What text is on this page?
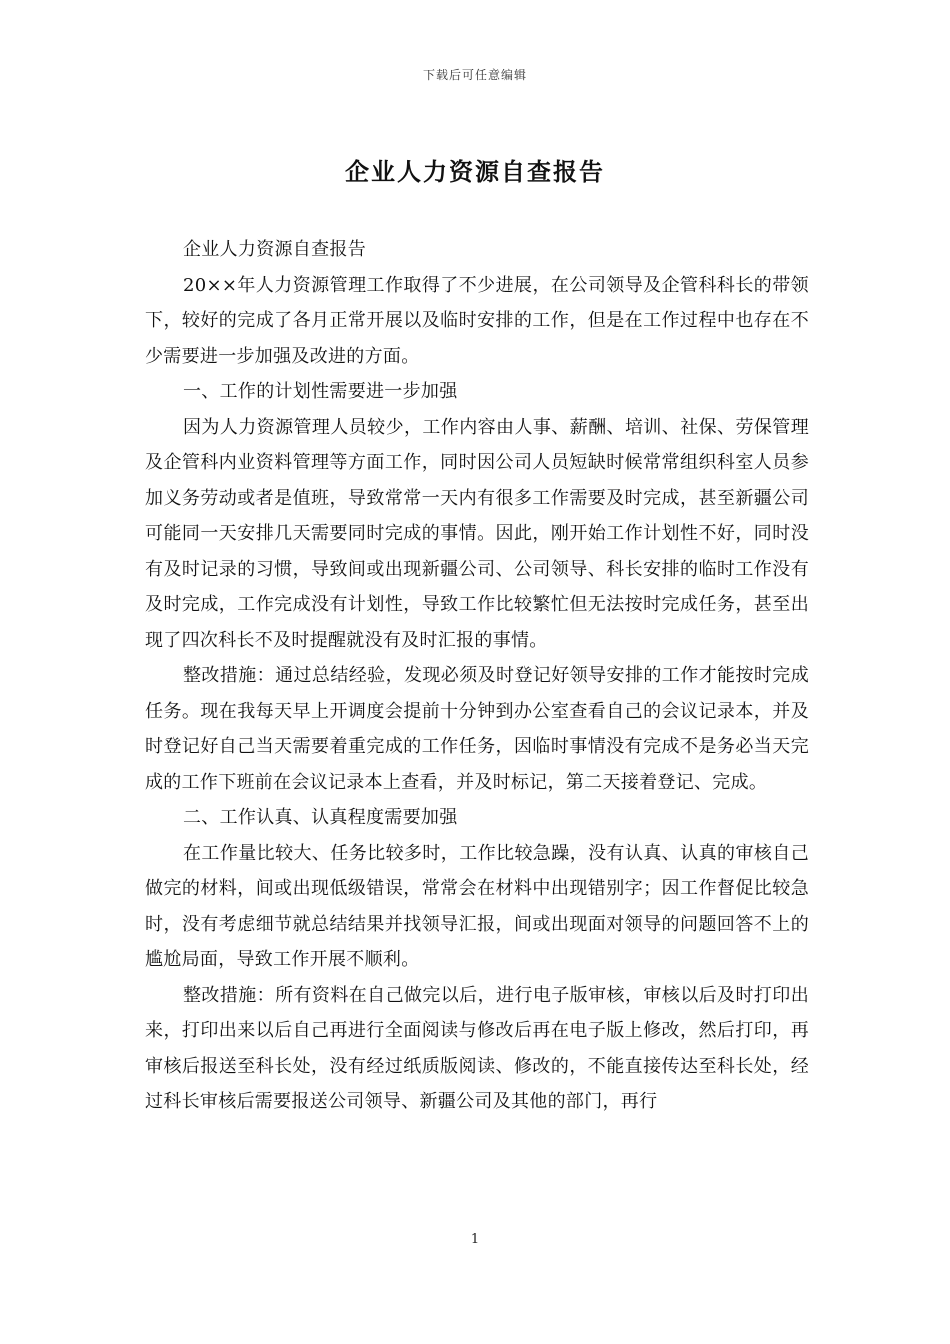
下载后可任意编辑
企业人力资源自查报告

企业人力资源自查报告

20××年人力资源管理工作取得了不少进展，在公司领导及企管科科长的带领下，较好的完成了各月正常开展以及临时安排的工作，但是在工作过程中也存在不少需要进一步加强及改进的方面。

一、工作的计划性需要进一步加强

因为人力资源管理人员较少，工作内容由人事、薪酬、培训、社保、劳保管理及企管科内业资料管理等方面工作，同时因公司人员短缺时候常常组织科室人员参加义务劳动或者是值班，导致常常一天内有很多工作需要及时完成，甚至新疆公司可能同一天安排几天需要同时完成的事情。因此，刚开始工作计划性不好，同时没有及时记录的习惯，导致间或出现新疆公司、公司领导、科长安排的临时工作没有及时完成，工作完成没有计划性，导致工作比较繁忙但无法按时完成任务，甚至出现了四次科长不及时提醒就没有及时汇报的事情。

整改措施：通过总结经验，发现必须及时登记好领导安排的工作才能按时完成任务。现在我每天早上开调度会提前十分钟到办公室查看自己的会议记录本，并及时登记好自己当天需要着重完成的工作任务，因临时事情没有完成不是务必当天完成的工作下班前在会议记录本上查看，并及时标记，第二天接着登记、完成。

二、工作认真、认真程度需要加强

在工作量比较大、任务比较多时，工作比较急躁，没有认真、认真的审核自己做完的材料，间或出现低级错误，常常会在材料中出现错别字；因工作督促比较急时，没有考虑细节就总结结果并找领导汇报，间或出现面对领导的问题回答不上的尴尬局面，导致工作开展不顺利。

整改措施：所有资料在自己做完以后，进行电子版审核，审核以后及时打印出来，打印出来以后自己再进行全面阅读与修改后再在电子版上修改，然后打印，再审核后报送至科长处，没有经过纸质版阅读、修改的，不能直接传达至科长处，经过科长审核后需要报送公司领导、新疆公司及其他的部门，再行

1
